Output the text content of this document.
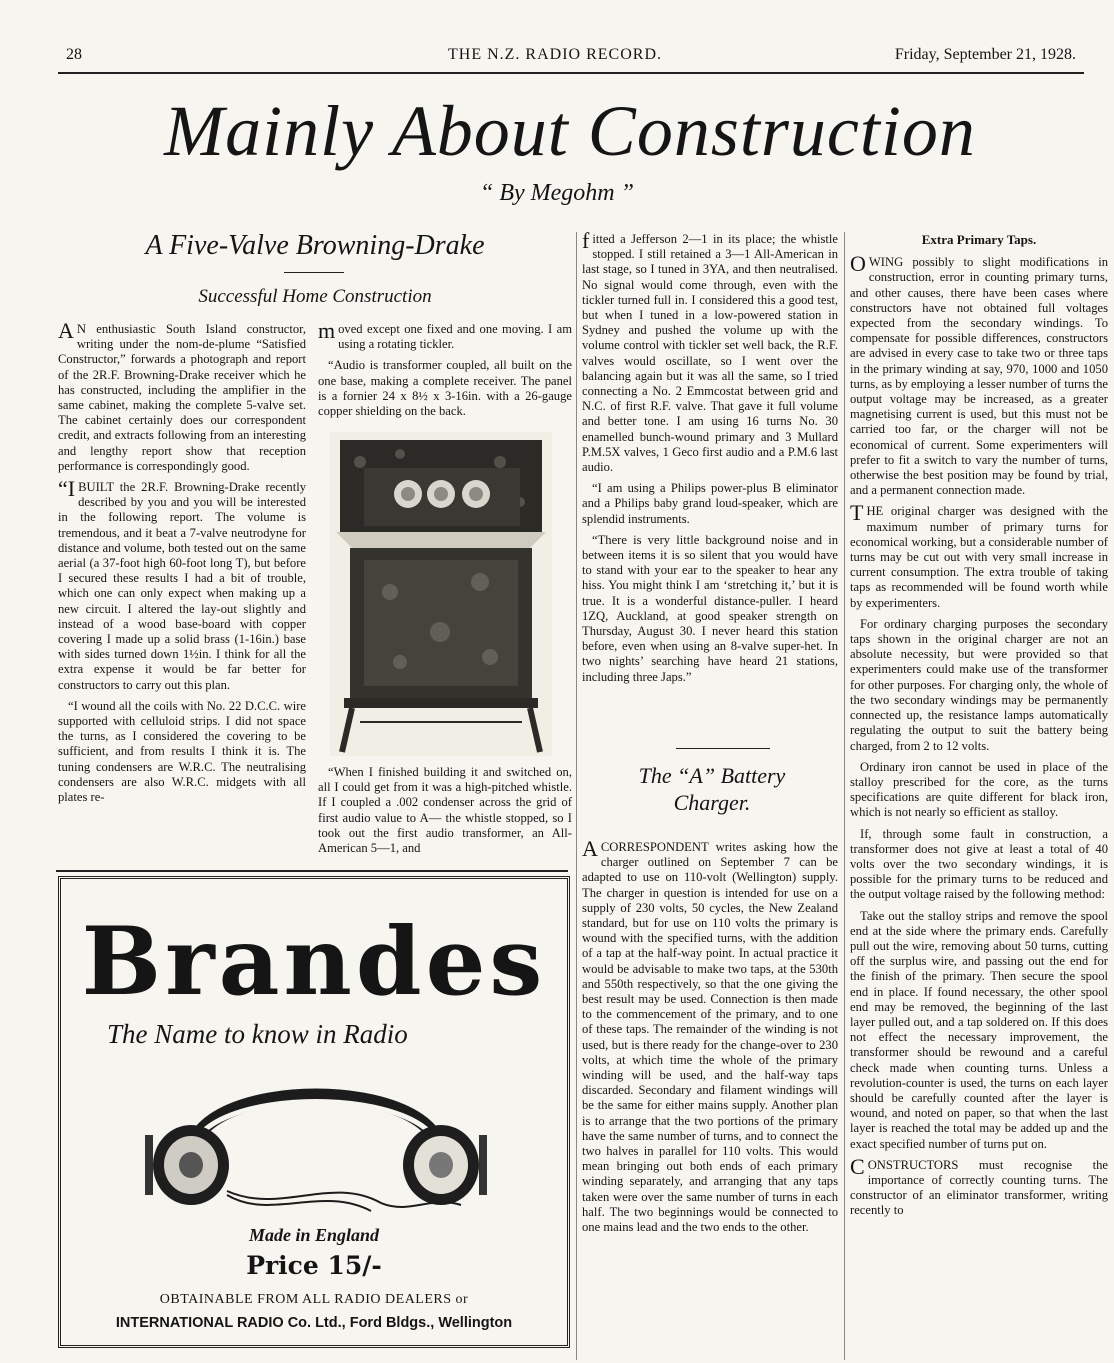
28	THE N.Z. RADIO RECORD.	Friday, September 21, 1928.
Mainly About Construction
“ By Megohm ”
A Five-Valve Browning-Drake
Successful Home Construction

AN enthusiastic South Island constructor, writing under the nom-de-plume “Satisfied Constructor,” forwards a photograph and report of the 2R.F. Browning-Drake receiver which he has constructed, including the amplifier in the same cabinet, making the complete 5-valve set. The cabinet certainly does our correspondent credit, and extracts following from an interesting and lengthy report show that reception performance is correspondingly good.

“IBUILT the 2R.F. Browning-Drake recently described by you and you will be interested in the following report. The volume is tremendous, and it beat a 7-valve neutrodyne for distance and volume, both tested out on the same aerial (a 37-foot high 60-foot long T), but before I secured these results I had a bit of trouble, which one can only expect when making up a new circuit. I altered the lay-out slightly and instead of a wood base-board with copper covering I made up a solid brass (1-16in.) base with sides turned down 1½in. I think for all the extra expense it would be far better for constructors to carry out this plan.

“I wound all the coils with No. 22 D.C.C. wire supported with celluloid strips. I did not space the turns, as I considered the covering to be sufficient, and from results I think it is. The tuning condensers are W.R.C. The neutralising condensers are also W.R.C. midgets with all plates re-

moved except one fixed and one moving. I am using a rotating tickler.

“Audio is transformer coupled, all built on the one base, making a complete receiver. The panel is a fornier 24 x 8½ x 3-16in. with a 26-gauge copper shielding on the back.

“When I finished building it and switched on, all I could get from it was a high-pitched whistle. If I coupled a .002 condenser across the grid of first audio value to A— the whistle stopped, so I took out the first audio transformer, an All-American 5—1, and

fitted a Jefferson 2—1 in its place; the whistle stopped. I still retained a 3—1 All-American in last stage, so I tuned in 3YA, and then neutralised. No signal would come through, even with the tickler turned full in. I considered this a good test, but when I tuned in a low-powered station in Sydney and pushed the volume up with the volume control with tickler set well back, the R.F. valves would oscillate, so I went over the balancing again but it was all the same, so I tried connecting a No. 2 Emmcostat between grid and N.C. of first R.F. valve. That gave it full volume and better tone. I am using 16 turns No. 30 enamelled bunch-wound primary and 3 Mullard P.M.5X valves, 1 Geco first audio and a P.M.6 last audio.

“I am using a Philips power-plus B eliminator and a Philips baby grand loud-speaker, which are splendid instruments.

“There is very little background noise and in between items it is so silent that you would have to stand with your ear to the speaker to hear any hiss. You might think I am ‘stretching it,’ but it is true. It is a wonderful distance-puller. I heard 1ZQ, Auckland, at good speaker strength on Thursday, August 30. I never heard this station before, even when using an 8-valve super-het. In two nights’ searching have heard 21 stations, including three Japs.”

The “A” Battery
Charger.

ACORRESPONDENT writes asking how the charger outlined on September 7 can be adapted to use on 110-volt (Wellington) supply. The charger in question is intended for use on a supply of 230 volts, 50 cycles, the New Zealand standard, but for use on 110 volts the primary is wound with the specified turns, with the addition of a tap at the half-way point. In actual practice it would be advisable to make two taps, at the 530th and 550th respectively, so that the one giving the best result may be used. Connection is then made to the commencement of the primary, and to one of these taps. The remainder of the winding is not used, but is there ready for the change-over to 230 volts, at which time the whole of the primary winding will be used, and the half-way taps discarded. Secondary and filament windings will be the same for either mains supply. Another plan is to arrange that the two portions of the primary have the same number of turns, and to connect the two halves in parallel for 110 volts. This would mean bringing out both ends of each primary winding separately, and arranging that any taps taken were over the same number of turns in each half. The two beginnings would be connected to one mains lead and the two ends to the other.

Extra Primary Taps.

OWING possibly to slight modifications in construction, error in counting primary turns, and other causes, there have been cases where constructors have not obtained full voltages expected from the secondary windings. To compensate for possible differences, constructors are advised in every case to take two or three taps in the primary winding at say, 970, 1000 and 1050 turns, as by employing a lesser number of turns the output voltage may be increased, as a greater magnetising current is used, but this must not be carried too far, or the charger will not be economical of current. Some experimenters will prefer to fit a switch to vary the number of turns, otherwise the best position may be found by trial, and a permanent connection made.

THE original charger was designed with the maximum number of primary turns for economical working, but a considerable number of turns may be cut out with very small increase in current consumption. The extra trouble of taking taps as recommended will be found worth while by experimenters.

For ordinary charging purposes the secondary taps shown in the original charger are not an absolute necessity, but were provided so that experimenters could make use of the transformer for other purposes. For charging only, the whole of the two secondary windings may be permanently connected up, the resistance lamps automatically regulating the output to suit the battery being charged, from 2 to 12 volts.

Ordinary iron cannot be used in place of the stalloy prescribed for the core, as the turns specifications are quite different for black iron, which is not nearly so efficient as stalloy.

If, through some fault in construction, a transformer does not give at least a total of 40 volts over the two secondary windings, it is possible for the primary turns to be reduced and the output voltage raised by the following method:

Take out the stalloy strips and remove the spool end at the side where the primary ends. Carefully pull out the wire, removing about 50 turns, cutting off the surplus wire, and passing out the end for the finish of the primary. Then secure the spool end in place. If found necessary, the other spool end may be removed, the beginning of the last layer pulled out, and a tap soldered on. If this does not effect the necessary improvement, the transformer should be rewound and a careful check made when counting turns. Unless a revolution-counter is used, the turns on each layer should be carefully counted after the layer is wound, and noted on paper, so that when the last layer is reached the total may be added up and the exact specified number of turns put on.

CONSTRUCTORS must recognise the importance of correctly counting turns. The constructor of an eliminator transformer, writing recently to

Brandes
The Name to know in Radio
Made in England
Price 15/-
OBTAINABLE FROM ALL RADIO DEALERS or
INTERNATIONAL RADIO Co. Ltd., Ford Bldgs., Wellington
